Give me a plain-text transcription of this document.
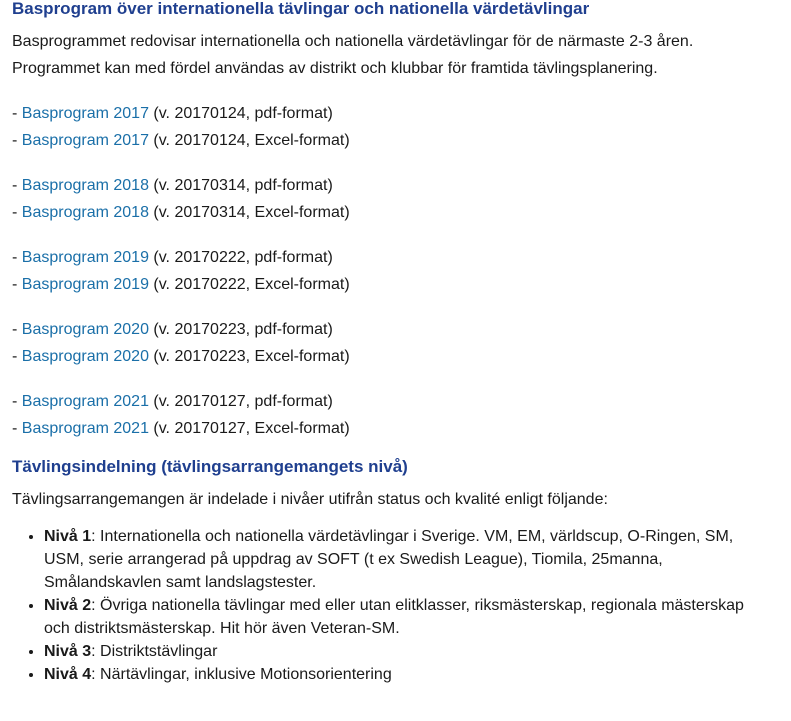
Basprogram över internationella tävlingar och nationella värdetävlingar

Basprogrammet redovisar internationella och nationella värdetävlingar för de närmaste 2-3 åren. Programmet kan med fördel användas av distrikt och klubbar för framtida tävlingsplanering.

- Basprogram 2017 (v. 20170124, pdf-format)
- Basprogram 2017 (v. 20170124, Excel-format)
- Basprogram 2018 (v. 20170314, pdf-format)
- Basprogram 2018 (v. 20170314, Excel-format)
- Basprogram 2019 (v. 20170222, pdf-format)
- Basprogram 2019 (v. 20170222, Excel-format)
- Basprogram 2020 (v. 20170223, pdf-format)
- Basprogram 2020 (v. 20170223, Excel-format)
- Basprogram 2021 (v. 20170127, pdf-format)
- Basprogram 2021 (v. 20170127, Excel-format)
Tävlingsindelning (tävlingsarrangemangets nivå)

Tävlingsarrangemangen är indelade i nivåer utifrån status och kvalité enligt följande:

• Nivå 1: Internationella och nationella värdetävlingar i Sverige. VM, EM, världscup, O-Ringen, SM, USM, serie arrangerad på uppdrag av SOFT (t ex Swedish League), Tiomila, 25manna, Smålandskavlen samt landslagstester.
• Nivå 2: Övriga nationella tävlingar med eller utan elitklasser, riksmästerskap, regionala mästerskap och distriktsmästerskap. Hit hör även Veteran-SM.
• Nivå 3: Distriktstävlingar
• Nivå 4: Närtävlingar, inklusive Motionsorientering
